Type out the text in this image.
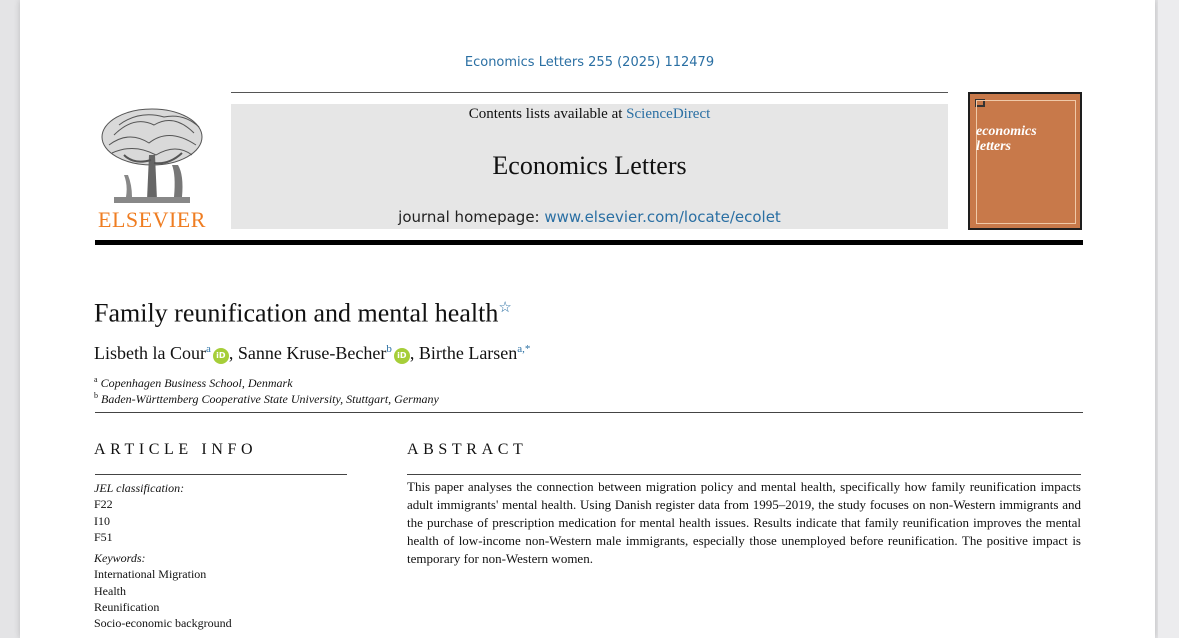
Economics Letters 255 (2025) 112479
ELSEVIER
Contents lists available at ScienceDirect
Economics Letters
journal homepage: www.elsevier.com/locate/ecolet
economics
letters
Family reunification and mental health☆
Lisbeth la Cour$^a$iD , Sanne Kruse-Becher$^b$iD , Birthe Larsen$^{a,*}$
$^a$ Copenhagen Business School, Denmark
$^b$ Baden-Württemberg Cooperative State University, Stuttgart, Germany
ARTICLE INFO	ABSTRACT
JEL classification:
F22
I10
F51
Keywords:
International Migration
Health
Reunification
Socio-economic background
This paper analyses the connection between migration policy and mental health, specifically how family reunification impacts adult immigrants' mental health. Using Danish register data from 1995–2019, the study focuses on non-Western immigrants and the purchase of prescription medication for mental health issues. Results indicate that family reunification improves the mental health of low-income non-Western male immigrants, especially those unemployed before reunification. The positive impact is temporary for non-Western women.
